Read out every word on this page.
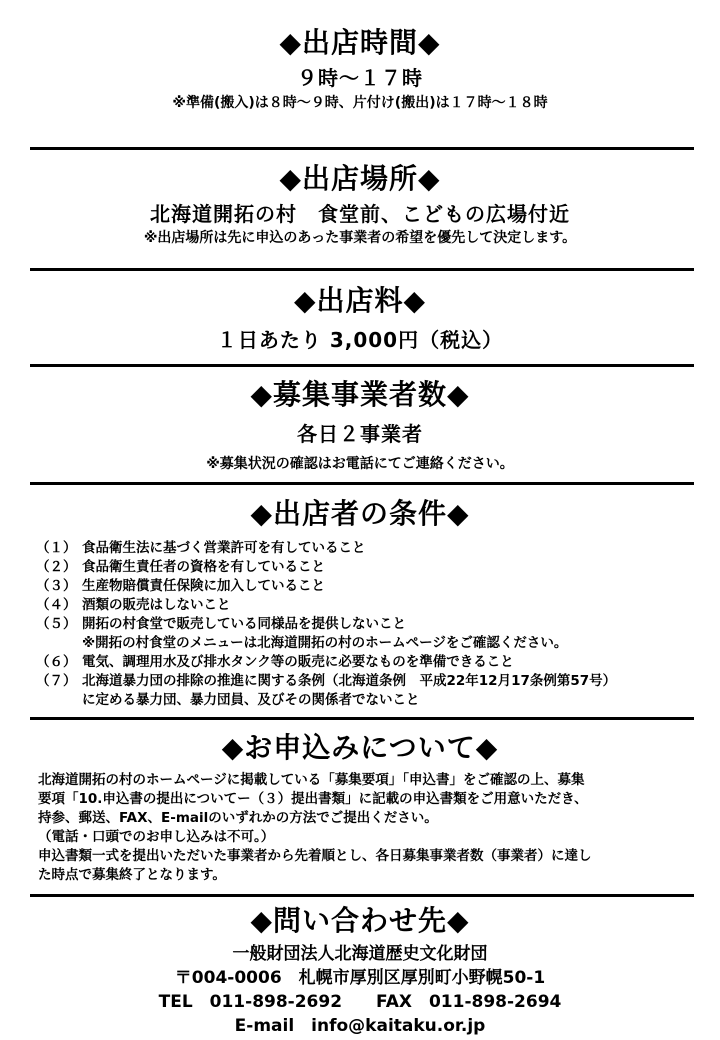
◆出店時間◆
９時～１７時
※準備(搬入)は８時～９時、片付け(搬出)は１７時～１８時
◆出店場所◆
北海道開拓の村　食堂前、こどもの広場付近
※出店場所は先に申込のあった事業者の希望を優先して決定します。
◆出店料◆
１日あたり 3,000円（税込）
◆募集事業者数◆
各日２事業者
※募集状況の確認はお電話にてご連絡ください。
◆出店者の条件◆
（１） 食品衛生法に基づく営業許可を有していること
（２） 食品衛生責任者の資格を有していること
（３） 生産物賠償責任保険に加入していること
（４） 酒類の販売はしないこと
（５） 開拓の村食堂で販売している同様品を提供しないこと
※開拓の村食堂のメニューは北海道開拓の村のホームページをご確認ください。
（６） 電気、調理用水及び排水タンク等の販売に必要なものを準備できること
（７） 北海道暴力団の排除の推進に関する条例（北海道条例　平成22年12月17条例第57号）
に定める暴力団、暴力団員、及びその関係者でないこと
◆お申込みについて◆

北海道開拓の村のホームページに掲載している「募集要項」「申込書」をご確認の上、募集

要項「10.申込書の提出についてー（３）提出書類」に記載の申込書類をご用意いただき、

持参、郵送、FAX、E-mailのいずれかの方法でご提出ください。

（電話・口頭でのお申し込みは不可。）

申込書類一式を提出いただいた事業者から先着順とし、各日募集事業者数（事業者）に達し

た時点で募集終了となります。

◆問い合わせ先◆
一般財団法人北海道歴史文化財団
〒004-0006　札幌市厚別区厚別町小野幌50-1
TEL　011-898-2692　　FAX　011-898-2694
E-mail　info@kaitaku.or.jp
